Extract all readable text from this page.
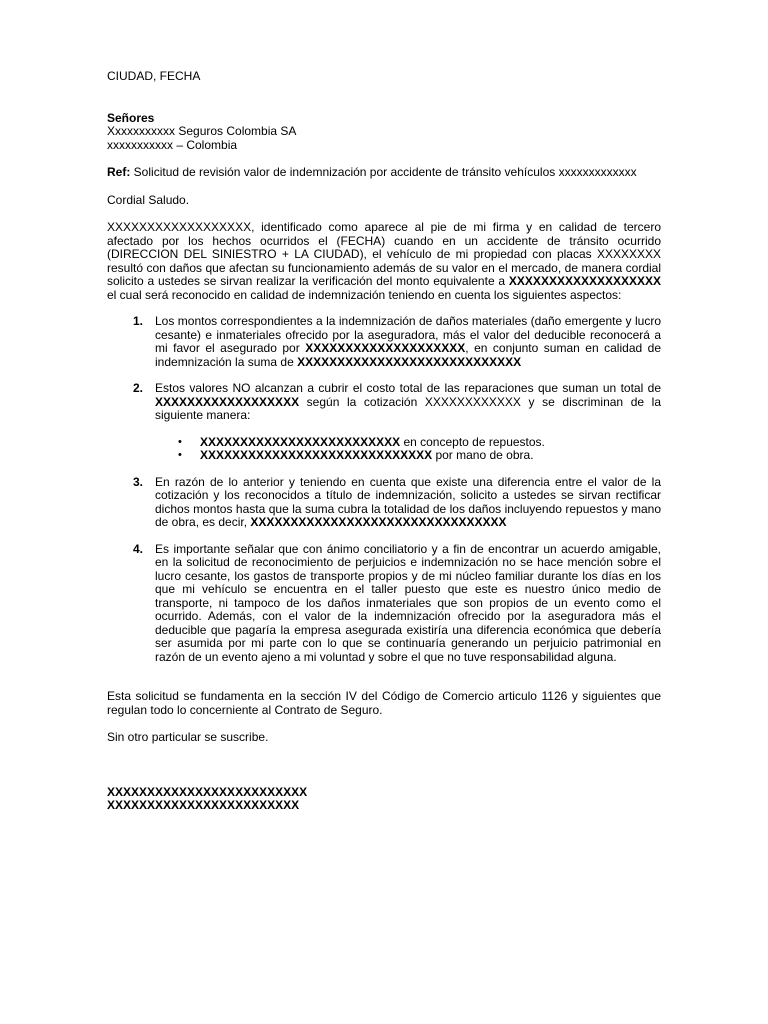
CIUDAD, FECHA

Señores

Xxxxxxxxxxx Seguros Colombia SA

xxxxxxxxxxx – Colombia

Ref: Solicitud de revisión valor de indemnización por accidente de tránsito vehículos xxxxxxxxxxxxx

Cordial Saludo.

XXXXXXXXXXXXXXXXXX, identificado como aparece al pie de mi firma y en calidad de tercero afectado por los hechos ocurridos el (FECHA) cuando en un accidente de tránsito ocurrido (DIRECCION DEL SINIESTRO + LA CIUDAD), el vehículo de mi propiedad con placas XXXXXXXX resultó con daños que afectan su funcionamiento además de su valor en el mercado, de manera cordial solicito a ustedes se sirvan realizar la verificación del monto equivalente a XXXXXXXXXXXXXXXXXXX el cual será reconocido en calidad de indemnización teniendo en cuenta los siguientes aspectos:

1. Los montos correspondientes a la indemnización de daños materiales (daño emergente y lucro cesante) e inmateriales ofrecido por la aseguradora, más el valor del deducible reconocerá a mi favor el asegurado por XXXXXXXXXXXXXXXXXXXX, en conjunto suman en calidad de indemnización la suma de XXXXXXXXXXXXXXXXXXXXXXXXXXXX

2. Estos valores NO alcanzan a cubrir el costo total de las reparaciones que suman un total de XXXXXXXXXXXXXXXXXX según la cotización XXXXXXXXXXXX y se discriminan de la siguiente manera:

• XXXXXXXXXXXXXXXXXXXXXXXXX en concepto de repuestos.
• XXXXXXXXXXXXXXXXXXXXXXXXXXXXX por mano de obra.
3. En razón de lo anterior y teniendo en cuenta que existe una diferencia entre el valor de la cotización y los reconocidos a título de indemnización, solicito a ustedes se sirvan rectificar dichos montos hasta que la suma cubra la totalidad de los daños incluyendo repuestos y mano de obra, es decir, XXXXXXXXXXXXXXXXXXXXXXXXXXXXXXXX

4. Es importante señalar que con ánimo conciliatorio y a fin de encontrar un acuerdo amigable, en la solicitud de reconocimiento de perjuicios e indemnización no se hace mención sobre el lucro cesante, los gastos de transporte propios y de mi núcleo familiar durante los días en los que mi vehículo se encuentra en el taller puesto que este es nuestro único medio de transporte, ni tampoco de los daños inmateriales que son propios de un evento como el ocurrido. Además, con el valor de la indemnización ofrecido por la aseguradora más el deducible que pagaría la empresa asegurada existiría una diferencia económica que debería ser asumida por mi parte con lo que se continuaría generando un perjuicio patrimonial en razón de un evento ajeno a mi voluntad y sobre el que no tuve responsabilidad alguna.

Esta solicitud se fundamenta en la sección IV del Código de Comercio articulo 1126 y siguientes que regulan todo lo concerniente al Contrato de Seguro.

Sin otro particular se suscribe.

XXXXXXXXXXXXXXXXXXXXXXXXX

XXXXXXXXXXXXXXXXXXXXXXXX
